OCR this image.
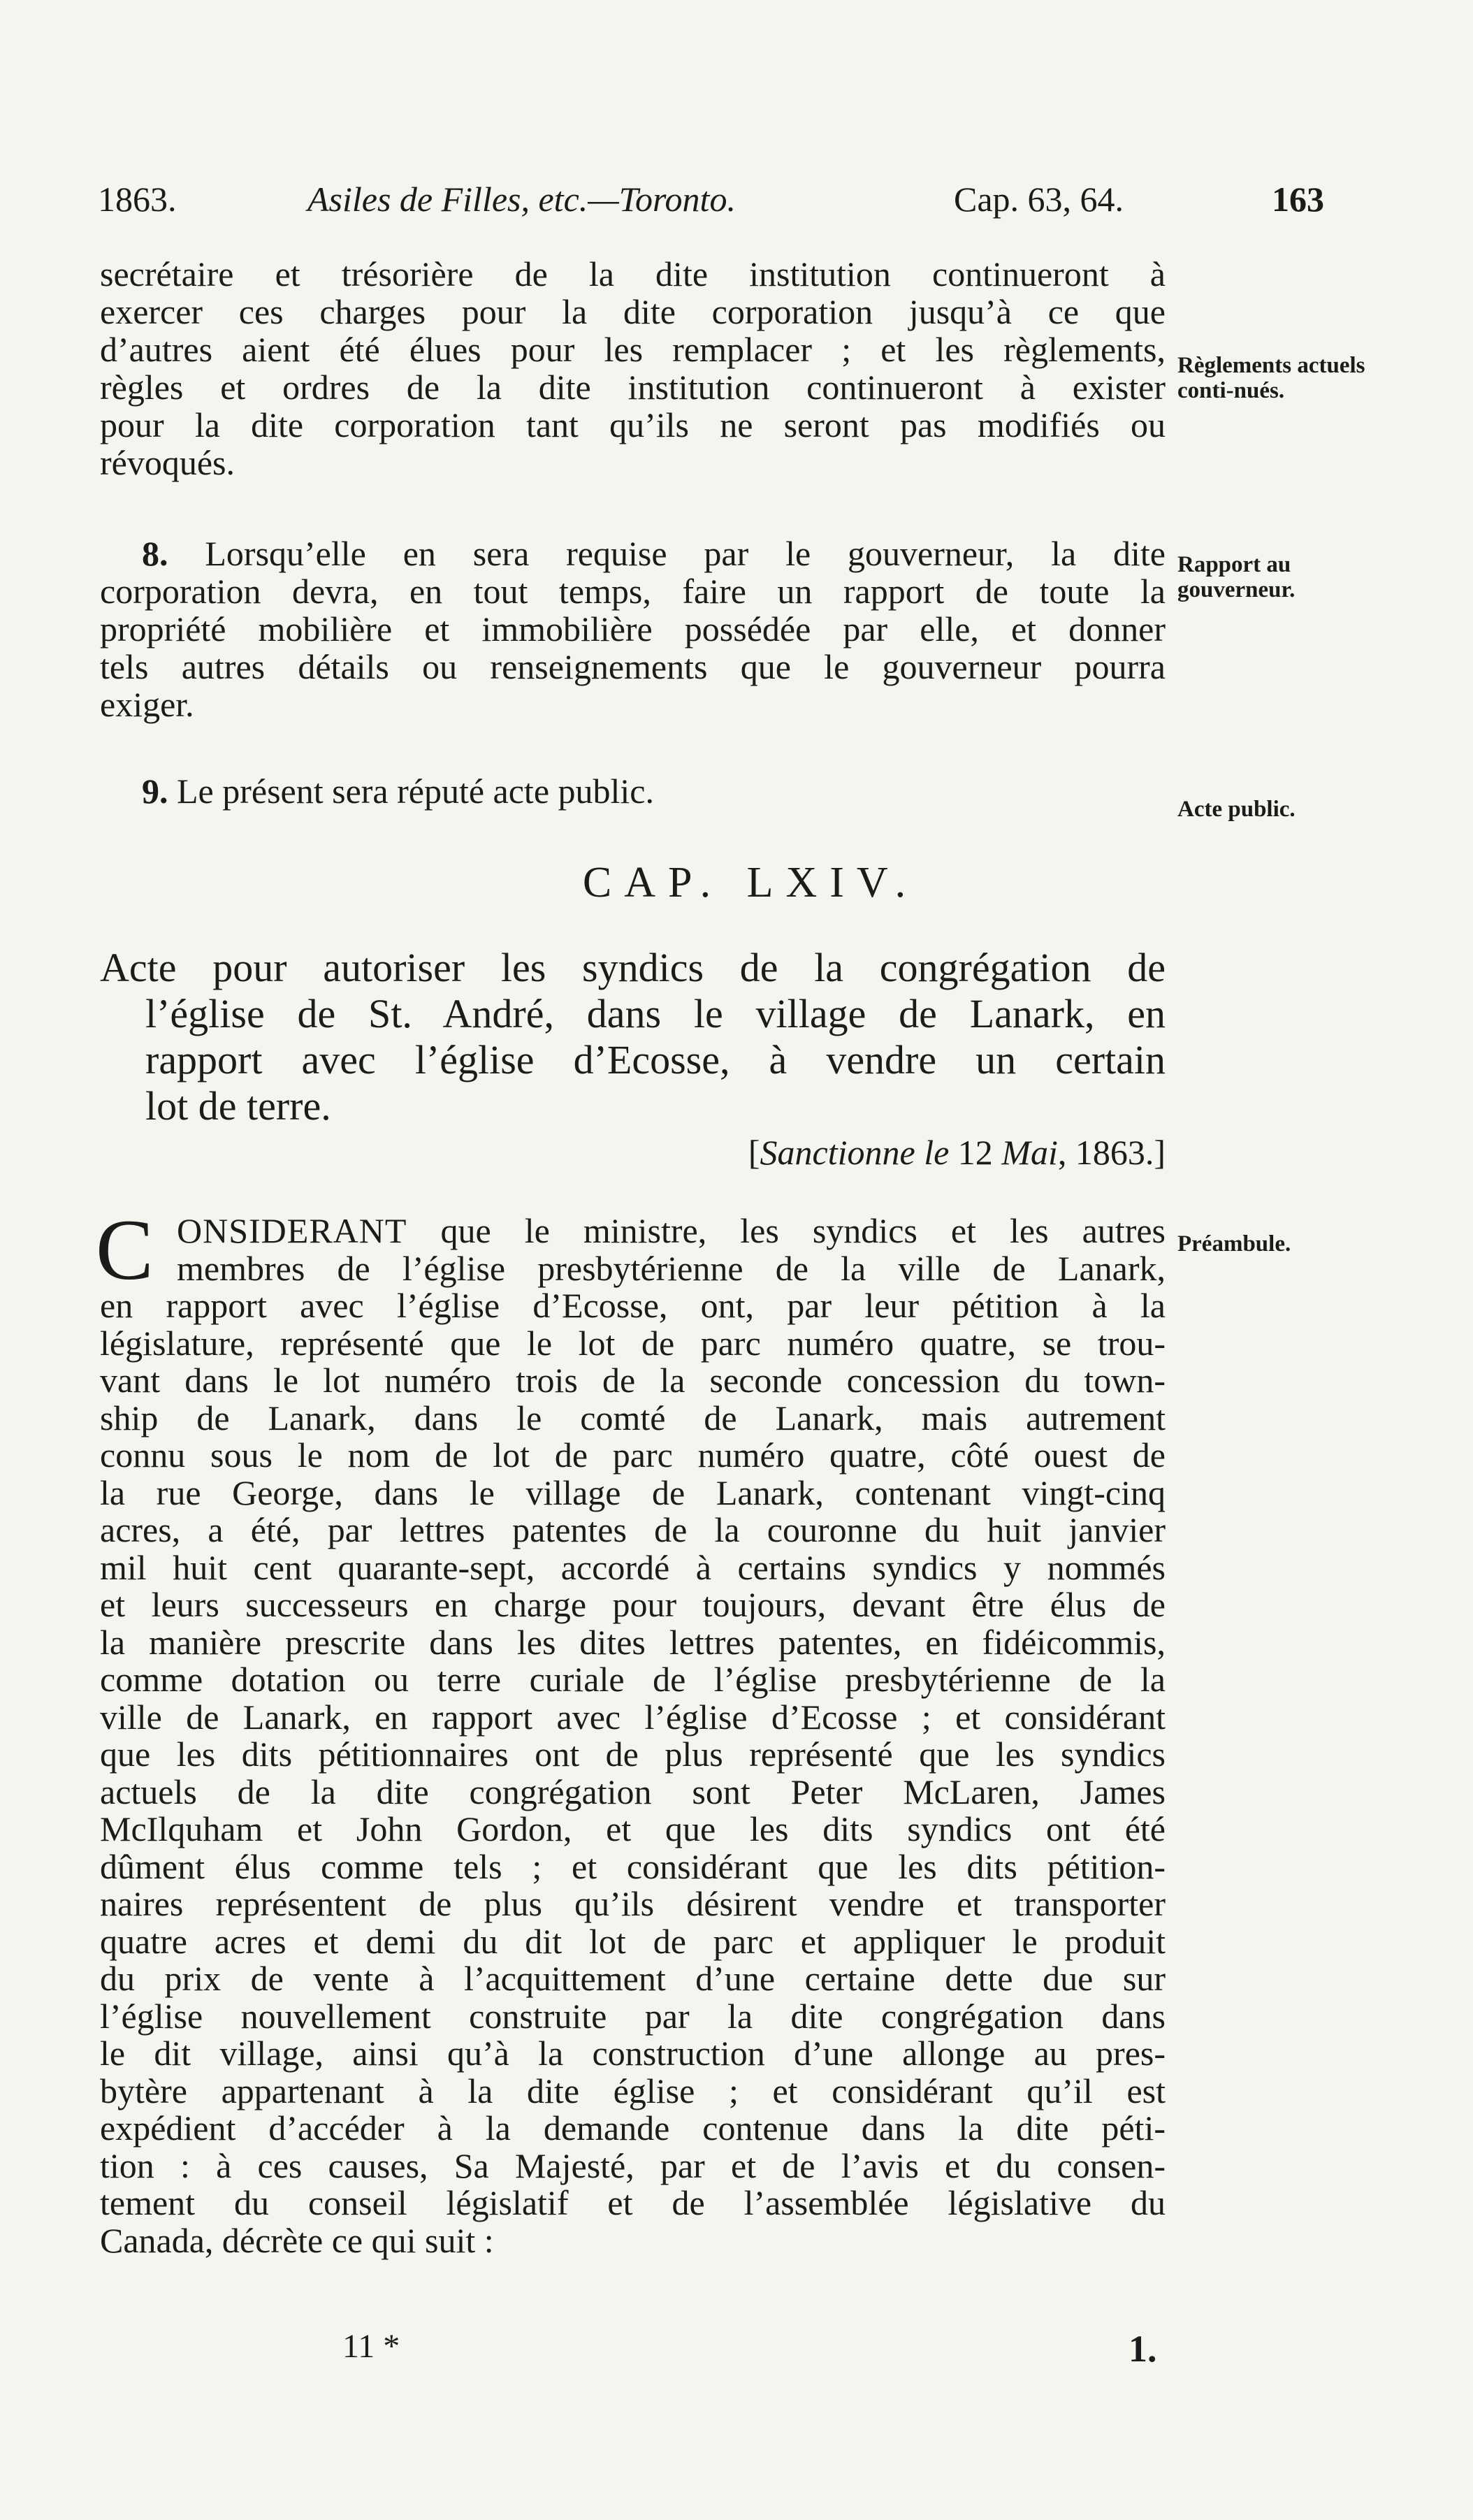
1863.	Asiles de Filles, etc.—Toronto.	Cap. 63, 64.	163

secrétaire et trésorière de la dite institution continueront à

exercer ces charges pour la dite corporation jusqu’à ce que

d’autres aient été élues pour les remplacer ; et les règlements,

règles et ordres de la dite institution continueront à exister

pour la dite corporation tant qu’ils ne seront pas modifiés ou

révoqués.

8. Lorsqu’elle en sera requise par le gouverneur, la dite

corporation devra, en tout temps, faire un rapport de toute la

propriété mobilière et immobilière possédée par elle, et donner

tels autres détails ou renseignements que le gouverneur pourra

exiger.

9. Le présent sera réputé acte public.

CAP. LXIV.
Acte pour autoriser les syndics de la congrégation de
l’église de St. André, dans le village de Lanark, en
rapport avec l’église d’Ecosse, à vendre un certain
lot de terre.
[Sanctionne le 12 Mai, 1863.]
C ONSIDERANT que le ministre, les syndics et les autres
membres de l’église presbytérienne de la ville de Lanark,
en rapport avec l’église d’Ecosse, ont, par leur pétition à la
législature, représenté que le lot de parc numéro quatre, se trou-
vant dans le lot numéro trois de la seconde concession du town-
ship de Lanark, dans le comté de Lanark, mais autrement
connu sous le nom de lot de parc numéro quatre, côté ouest de
la rue George, dans le village de Lanark, contenant vingt-cinq
acres, a été, par lettres patentes de la couronne du huit janvier
mil huit cent quarante-sept, accordé à certains syndics y nommés
et leurs successeurs en charge pour toujours, devant être élus de
la manière prescrite dans les dites lettres patentes, en fidéicommis,
comme dotation ou terre curiale de l’église presbytérienne de la
ville de Lanark, en rapport avec l’église d’Ecosse ; et considérant
que les dits pétitionnaires ont de plus représenté que les syndics
actuels de la dite congrégation sont Peter McLaren, James
McIlquham et John Gordon, et que les dits syndics ont été
dûment élus comme tels ; et considérant que les dits pétition-
naires représentent de plus qu’ils désirent vendre et transporter
quatre acres et demi du dit lot de parc et appliquer le produit
du prix de vente à l’acquittement d’une certaine dette due sur
l’église nouvellement construite par la dite congrégation dans
le dit village, ainsi qu’à la construction d’une allonge au pres-
bytère appartenant à la dite église ; et considérant qu’il est
expédient d’accéder à la demande contenue dans la dite péti-
tion : à ces causes, Sa Majesté, par et de l’avis et du consen-
tement du conseil législatif et de l’assemblée législative du
Canada, décrète ce qui suit :
11 *	1.
Règlements actuels conti-nués.
Rapport au gouverneur.
Acte public.
Préambule.
